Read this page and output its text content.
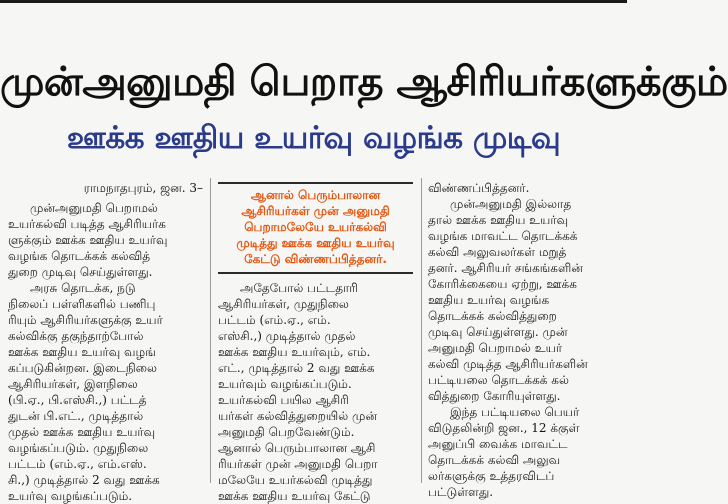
முன்அனுமதி பெறாத ஆசிரியர்களுக்கும்
ஊக்க ஊதிய உயர்வு வழங்க முடிவு
ராமநாதபுரம், ஜன. 3–

முன்அனுமதி பெறாமல்
உயர்கல்வி படித்த ஆசிரியர்க
ளுக்கும் ஊக்க ஊதிய உயர்வு
வழங்க தொடக்கக் கல்வித்
துறை முடிவு செய்துள்ளது.
அரசு தொடக்க, நடு
நிலைப் பள்ளிகளில் பணிபு
ரியும் ஆசிரியர்களுக்கு உயர்
கல்விக்கு தகுந்தாற்போல்
ஊக்க ஊதிய உயர்வு வழங்
கப்படுகின்றன. இடைநிலை
ஆசிரியர்கள், இளநிலை
(பி.ஏ., பி.எஸ்சி.,) பட்டத்
துடன் பி.எட்., முடித்தால்
முதல் ஊக்க ஊதிய உயர்வு
வழங்கப்படும். முதுநிலை
பட்டம் (எம்.ஏ., எம்.எஸ்.
சி.,) முடித்தால் 2 வது ஊக்க
உயர்வு வழங்கப்படும்.

ஆனால் பெரும்பாலான
ஆசிரியர்கள் முன் அனுமதி
பெறாமலேயே உயர்கல்வி
முடித்து ஊக்க ஊதிய உயர்வு
கேட்டு விண்ணப்பித்தனர்.

அதேபோல் பட்டதாரி
ஆசிரியர்கள், முதுநிலை
பட்டம் (எம்.ஏ., எம்.
எஸ்சி.,) முடித்தால் முதல்
ஊக்க ஊதிய உயர்வும், எம்.
எட்., முடித்தால் 2 வது ஊக்க
உயர்வும் வழங்கப்படும்.
உயர்கல்வி பயில ஆசிரி
யர்கள் கல்வித்துறையில் முன்
அனுமதி பெறவேண்டும்.
ஆனால் பெரும்பாலான ஆசி
ரியர்கள் முன் அனுமதி பெறா
மலேயே உயர்கல்வி முடித்து
ஊக்க ஊதிய உயர்வு கேட்டு

விண்ணப்பித்தனர்.
முன்அனுமதி இல்லாத
தால் ஊக்க ஊதிய உயர்வு
வழங்க மாவட்ட தொடக்கக்
கல்வி அலுவலர்கள் மறுத்
தனர். ஆசிரியர் சங்கங்களின்
கோரிக்கையை ஏற்று, ஊக்க
ஊதிய உயர்வு வழங்க
தொடக்கக் கல்வித்துறை
முடிவு செய்துள்ளது. முன்
அனுமதி பெறாமல் உயர்
கல்வி முடித்த ஆசிரியர்களின்
பட்டியலை தொடக்கக் கல்
வித்துறை கோரியுள்ளது.
இந்த பட்டியலை பெயர்
விடுதலின்றி ஜன., 12 க்குள்
அனுப்பி வைக்க மாவட்ட
தொடக்கக் கல்வி அலுவ
லர்களுக்கு உத்தரவிடப்
பட்டுள்ளது.
